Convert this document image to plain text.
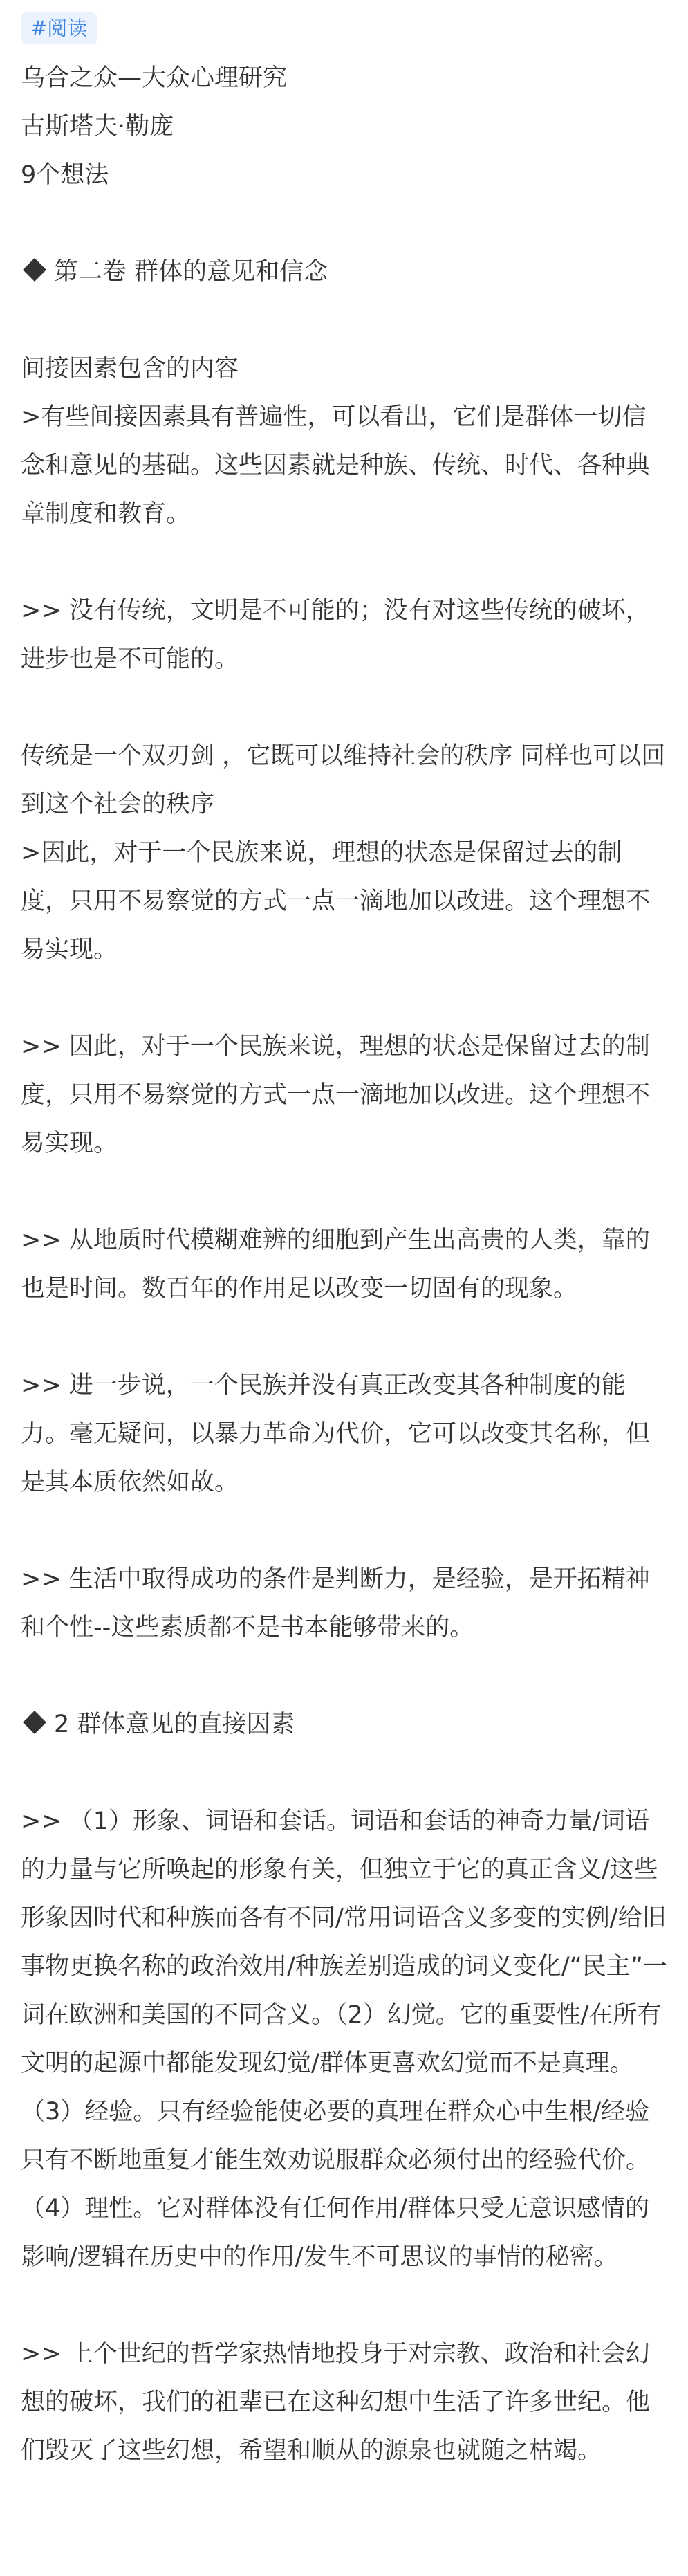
#阅读

乌合之众—大众心理研究

古斯塔夫·勒庞

9个想法

第二卷 群体的意见和信念

间接因素包含的内容
>有些间接因素具有普遍性，可以看出，它们是群体一切信念和意见的基础。这些因素就是种族、传统、时代、各种典章制度和教育。

>> 没有传统，文明是不可能的；没有对这些传统的破坏，进步也是不可能的。

传统是一个双刃剑 ，它既可以维持社会的秩序 同样也可以回到这个社会的秩序
>因此，对于一个民族来说，理想的状态是保留过去的制度，只用不易察觉的方式一点一滴地加以改进。这个理想不易实现。

>> 因此，对于一个民族来说，理想的状态是保留过去的制度，只用不易察觉的方式一点一滴地加以改进。这个理想不易实现。

>> 从地质时代模糊难辨的细胞到产生出高贵的人类，靠的也是时间。数百年的作用足以改变一切固有的现象。

>> 进一步说，一个民族并没有真正改变其各种制度的能力。毫无疑问，以暴力革命为代价，它可以改变其名称，但是其本质依然如故。

>> 生活中取得成功的条件是判断力，是经验，是开拓精神和个性--这些素质都不是书本能够带来的。

2 群体意见的直接因素

>> （1）形象、词语和套话。词语和套话的神奇力量/词语的力量与它所唤起的形象有关，但独立于它的真正含义/这些形象因时代和种族而各有不同/常用词语含义多变的实例/给旧事物更换名称的政治效用/种族差别造成的词义变化/“民主”一词在欧洲和美国的不同含义。（2）幻觉。它的重要性/在所有文明的起源中都能发现幻觉/群体更喜欢幻觉而不是真理。（3）经验。只有经验能使必要的真理在群众心中生根/经验只有不断地重复才能生效劝说服群众必须付出的经验代价。（4）理性。它对群体没有任何作用/群体只受无意识感情的影响/逻辑在历史中的作用/发生不可思议的事情的秘密。

>> 上个世纪的哲学家热情地投身于对宗教、政治和社会幻想的破坏，我们的祖辈已在这种幻想中生活了许多世纪。他们毁灭了这些幻想，希望和顺从的源泉也就随之枯竭。
